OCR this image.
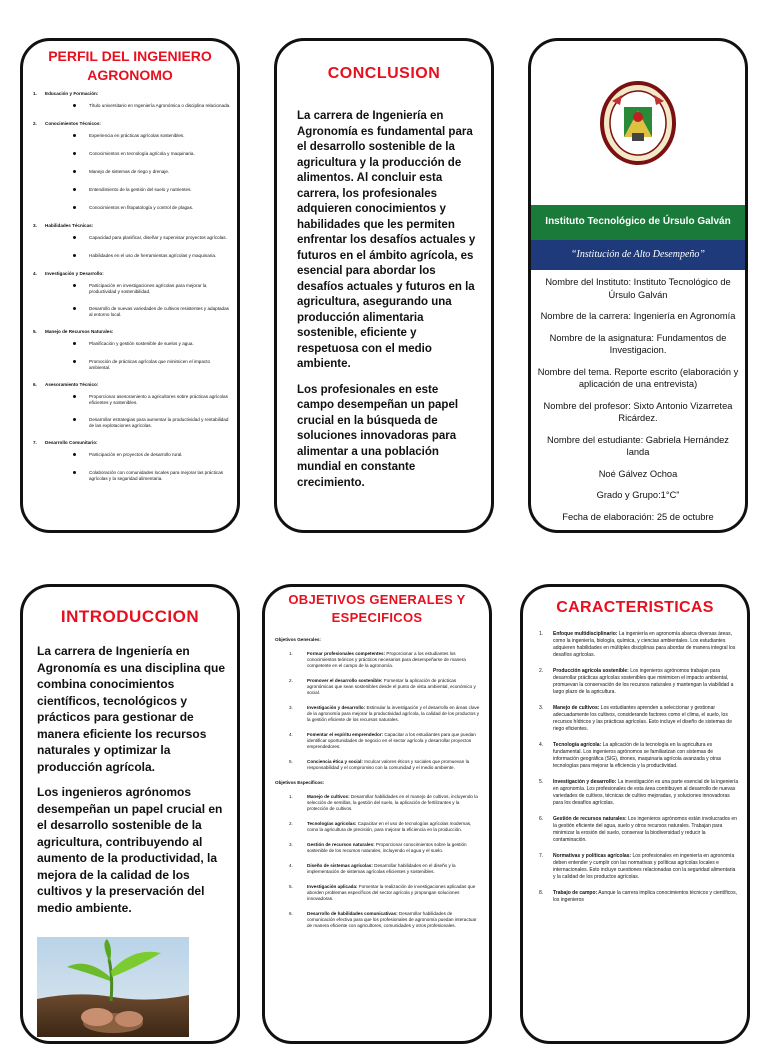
PERFIL DEL INGENIERO AGRONOMO
1. Educación y Formación:
Título universitario en Ingeniería Agronómica o disciplina relacionada.
2. Conocimientos Técnicos:
Experiencia en prácticas agrícolas sostenibles.
Conocimientos en tecnología agrícola y maquinaria.
Manejo de sistemas de riego y drenaje.
Entendimiento de la gestión del suelo y nutrientes.
Conocimientos en fitopatología y control de plagas.
3. Habilidades Técnicas:
Capacidad para planificar, diseñar y supervisar proyectos agrícolas.
Habilidades en el uso de herramientas agrícolas y maquinaria.
4. Investigación y Desarrollo:
Participación en investigaciones agrícolas para mejorar la productividad y sostenibilidad.
Desarrollo de nuevas variedades de cultivos resistentes y adaptadas al entorno local.
5. Manejo de Recursos Naturales:
Planificación y gestión sostenible de suelos y agua.
Promoción de prácticas agrícolas que minimicen el impacto ambiental.
6. Asesoramiento Técnico:
Proporcionar asesoramiento a agricultores sobre prácticas agrícolas eficientes y sostenibles.
Desarrollar estrategias para aumentar la productividad y rentabilidad de las explotaciones agrícolas.
7. Desarrollo Comunitario:
Participación en proyectos de desarrollo rural.
Colaboración con comunidades locales para mejorar las prácticas agrícolas y la seguridad alimentaria.
CONCLUSION

La carrera de Ingeniería en Agronomía es fundamental para el desarrollo sostenible de la agricultura y la producción de alimentos. Al concluir esta carrera, los profesionales adquieren conocimientos y habilidades que les permiten enfrentar los desafíos actuales y futuros en el ámbito agrícola, es esencial para abordar los desafíos actuales y futuros en la agricultura, asegurando una producción alimentaria sostenible, eficiente y respetuosa con el medio ambiente.

Los profesionales en este campo desempeñan un papel crucial en la búsqueda de soluciones innovadoras para alimentar a una población mundial en constante crecimiento.

Instituto Tecnológico de Úrsulo Galván
“Institución de Alto Desempeño”

Nombre del Instituto: Instituto Tecnológico de Úrsulo Galván

Nombre de la carrera: Ingeniería en Agronomía

Nombre de la asignatura: Fundamentos de Investigacion.

Nombre del tema. Reporte escrito (elaboración y aplicación de una entrevista)

Nombre del profesor: Sixto Antonio Vizarretea Ricárdez.

Nombre del estudiante: Gabriela Hernández landa

Noé Gálvez Ochoa

Grado y Grupo:1°C”

Fecha de elaboración: 25 de octubre

INTRODUCCION

La carrera de Ingeniería en Agronomía es una disciplina que combina conocimientos científicos, tecnológicos y prácticos para gestionar de manera eficiente los recursos naturales y optimizar la producción agrícola.

Los ingenieros agrónomos desempeñan un papel crucial en el desarrollo sostenible de la agricultura, contribuyendo al aumento de la productividad, la mejora de la calidad de los cultivos y la preservación del medio ambiente.

OBJETIVOS GENERALES Y ESPECIFICOS
Objetivos Generales:
1.	Formar profesionales competentes: Proporcionar a los estudiantes los conocimientos teóricos y prácticos necesarios para desempeñarse de manera competente en el campo de la agronomía.
2.	Promover el desarrollo sostenible: Fomentar la aplicación de prácticas agronómicas que sean sostenibles desde el punto de vista ambiental, económico y social.
3.	Investigación y desarrollo: Estimular la investigación y el desarrollo en áreas clave de la agronomía para mejorar la productividad agrícola, la calidad de los productos y la gestión eficiente de los recursos naturales.
4.	Fomentar el espíritu emprendedor: Capacitar a los estudiantes para que puedan identificar oportunidades de negocio en el sector agrícola y desarrollar proyectos emprendedores.
5.	Conciencia ética y social: Inculcar valores éticos y sociales que promuevan la responsabilidad y el compromiso con la comunidad y el medio ambiente.
Objetivos Específicos:
1.	Manejo de cultivos: Desarrollar habilidades en el manejo de cultivos, incluyendo la selección de semillas, la gestión del suelo, la aplicación de fertilizantes y la protección de cultivos.
2.	Tecnologías agrícolas: Capacitar en el uso de tecnologías agrícolas modernas, como la agricultura de precisión, para mejorar la eficiencia en la producción.
3.	Gestión de recursos naturales: Proporcionar conocimientos sobre la gestión sostenible de los recursos naturales, incluyendo el agua y el suelo.
4.	Diseño de sistemas agrícolas: Desarrollar habilidades en el diseño y la implementación de sistemas agrícolas eficientes y sostenibles.
5.	Investigación aplicada: Fomentar la realización de investigaciones aplicadas que aborden problemas específicos del sector agrícola y propongan soluciones innovadoras.
6.	Desarrollo de habilidades comunicativas: Desarrollar habilidades de comunicación efectiva para que los profesionales de agronomía puedan interactuar de manera eficiente con agricultores, comunidades y otros profesionales.
CARACTERISTICAS
1. Enfoque multidisciplinario: La ingeniería en agronomía abarca diversas áreas, como la ingeniería, biología, química, y ciencias ambientales. Los estudiantes adquieren habilidades en múltiples disciplinas para abordar de manera integral los desafíos agrícolas.
2. Producción agrícola sostenible: Los ingenieros agrónomos trabajan para desarrollar prácticas agrícolas sostenibles que minimicen el impacto ambiental, promuevan la conservación de los recursos naturales y mantengan la viabilidad a largo plazo de la agricultura.
3. Manejo de cultivos: Los estudiantes aprenden a seleccionar y gestionar adecuadamente los cultivos, considerando factores como el clima, el suelo, los recursos hídricos y las prácticas agrícolas. Esto incluye el diseño de sistemas de riego eficientes.
4. Tecnología agrícola: La aplicación de la tecnología en la agricultura es fundamental. Los ingenieros agrónomos se familiarizan con sistemas de información geográfica (SIG), drones, maquinaria agrícola avanzada y otras tecnologías para mejorar la eficiencia y la productividad.
5. Investigación y desarrollo: La investigación es una parte esencial de la ingeniería en agronomía. Los profesionales de esta área contribuyen al desarrollo de nuevas variedades de cultivos, técnicas de cultivo mejoradas, y soluciones innovadoras para los desafíos agrícolas.
6. Gestión de recursos naturales: Los ingenieros agrónomos están involucrados en la gestión eficiente del agua, suelo y otros recursos naturales. Trabajan para minimizar la erosión del suelo, conservar la biodiversidad y reducir la contaminación.
7. Normativas y políticas agrícolas: Los profesionales en ingeniería en agronomía deben entender y cumplir con las normativas y políticas agrícolas locales e internacionales. Esto incluye cuestiones relacionadas con la seguridad alimentaria y la calidad de los productos agrícolas.
8. Trabajo de campo: Aunque la carrera implica conocimientos técnicos y científicos, los ingenieros
